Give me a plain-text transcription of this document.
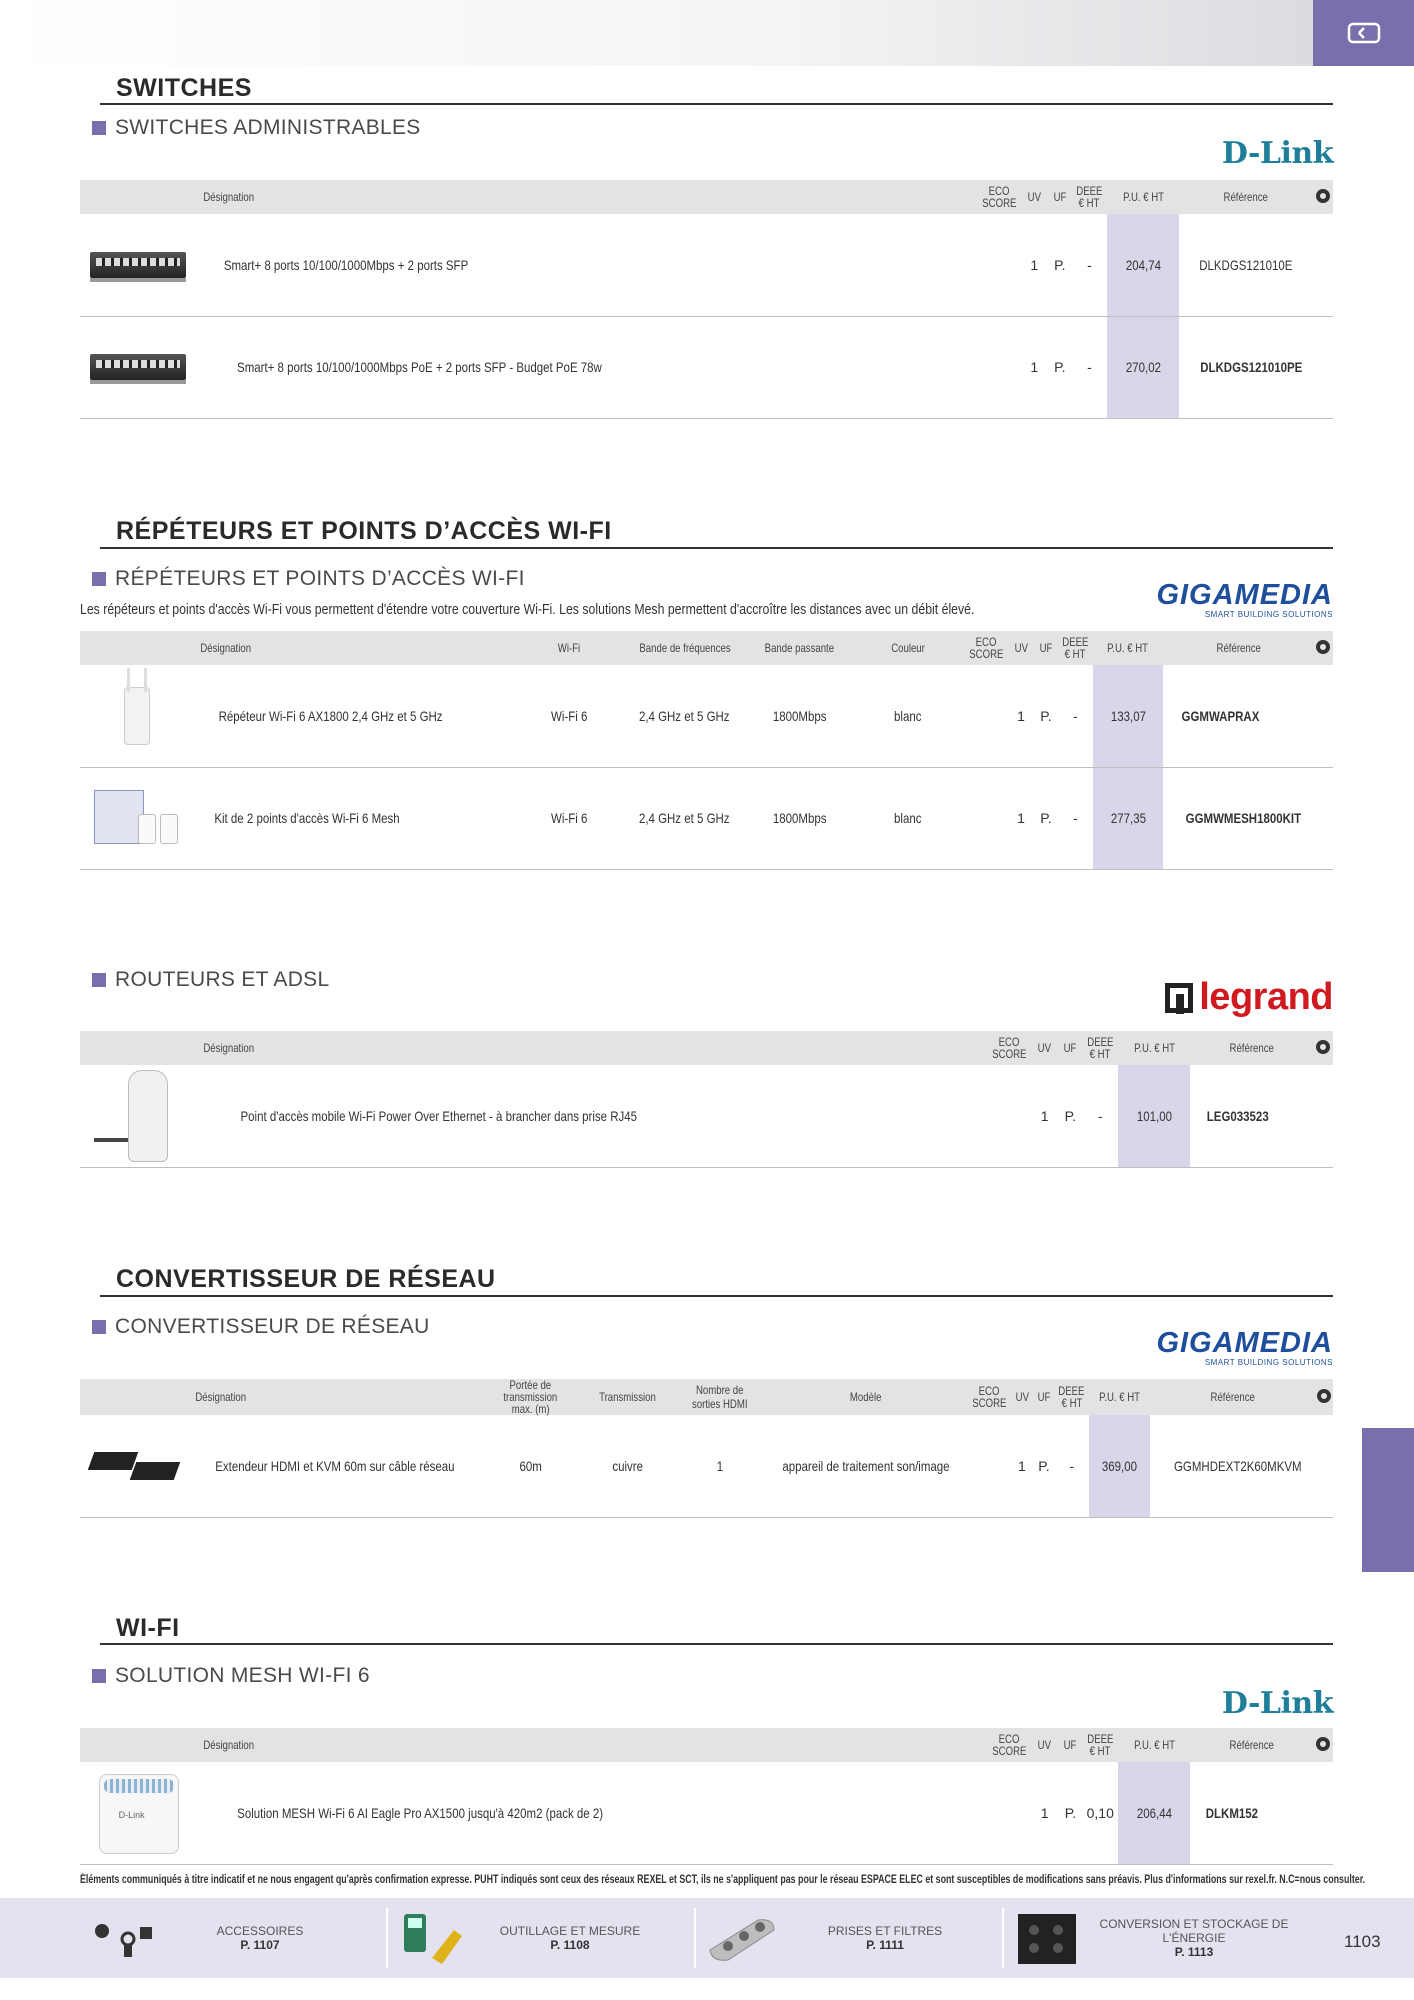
SWITCHES
SWITCHES ADMINISTRABLES
D-Link
	Désignation	ECO
SCORE	UV	UF	DEEE
€ HT	P.U. € HT	Référence	

	Smart+ 8 ports 10/100/1000Mbps + 2 ports SFP		1	P.	-	204,74	DLKDGS121010E	

	Smart+ 8 ports 10/100/1000Mbps PoE + 2 ports SFP - Budget PoE 78w		1	P.	-	270,02	DLKDGS121010PE	
RÉPÉTEURS ET POINTS D’ACCÈS WI-FI
RÉPÉTEURS ET POINTS D’ACCÈS WI-FI
Les répéteurs et points d'accès Wi-Fi vous permettent d'étendre votre couverture Wi-Fi. Les solutions Mesh permettent d'accroître les distances avec un débit élevé.	GIGAMEDIA
SMART BUILDING SOLUTIONS
	Désignation	Wi-Fi	Bande de fréquences	Bande passante	Couleur	ECO
SCORE	UV	UF	DEEE
€ HT	P.U. € HT	Référence	

	Répéteur Wi-Fi 6 AX1800 2,4 GHz et 5 GHz	Wi-Fi 6	2,4 GHz et 5 GHz	1800Mbps	blanc		1	P.	-	133,07	GGMWAPRAX	

	Kit de 2 points d'accès Wi-Fi 6 Mesh	Wi-Fi 6	2,4 GHz et 5 GHz	1800Mbps	blanc		1	P.	-	277,35	GGMWMESH1800KIT	
ROUTEURS ET ADSL	legrand
	Désignation	ECO
SCORE	UV	UF	DEEE
€ HT	P.U. € HT	Référence	

	Point d'accès mobile Wi-Fi Power Over Ethernet - à brancher dans prise RJ45		1	P.	-	101,00	LEG033523	
CONVERTISSEUR DE RÉSEAU
CONVERTISSEUR DE RÉSEAU
GIGAMEDIA
SMART BUILDING SOLUTIONS
	Désignation	Portée de transmission
max. (m)	Transmission	Nombre de sorties HDMI	Modèle	ECO
SCORE	UV	UF	DEEE
€ HT	P.U. € HT	Référence	

	Extendeur HDMI et KVM 60m sur câble réseau	60m	cuivre	1	appareil de traitement son/image		1	P.	-	369,00	GGMHDEXT2K60MKVM	
WI-FI
SOLUTION MESH WI-FI 6
D-Link
	Désignation	ECO
SCORE	UV	UF	DEEE
€ HT	P.U. € HT	Référence	

D-Link	Solution MESH Wi-Fi 6 AI Eagle Pro AX1500 jusqu'à 420m2 (pack de 2)		1	P.	0,10	206,44	DLKM152	
Éléments communiqués à titre indicatif et ne nous engagent qu'après confirmation expresse. PUHT indiqués sont ceux des réseaux REXEL et SCT, ils ne s'appliquent pas pour le réseau ESPACE ELEC et sont susceptibles de modifications sans préavis. Plus d'informations sur rexel.fr. N.C=nous consulter.
ACCESSOIRES
P. 1107
OUTILLAGE ET MESURE
P. 1108
PRISES ET FILTRES
P. 1111
CONVERSION ET STOCKAGE DE L'ÉNERGIE
P. 1113
1103
